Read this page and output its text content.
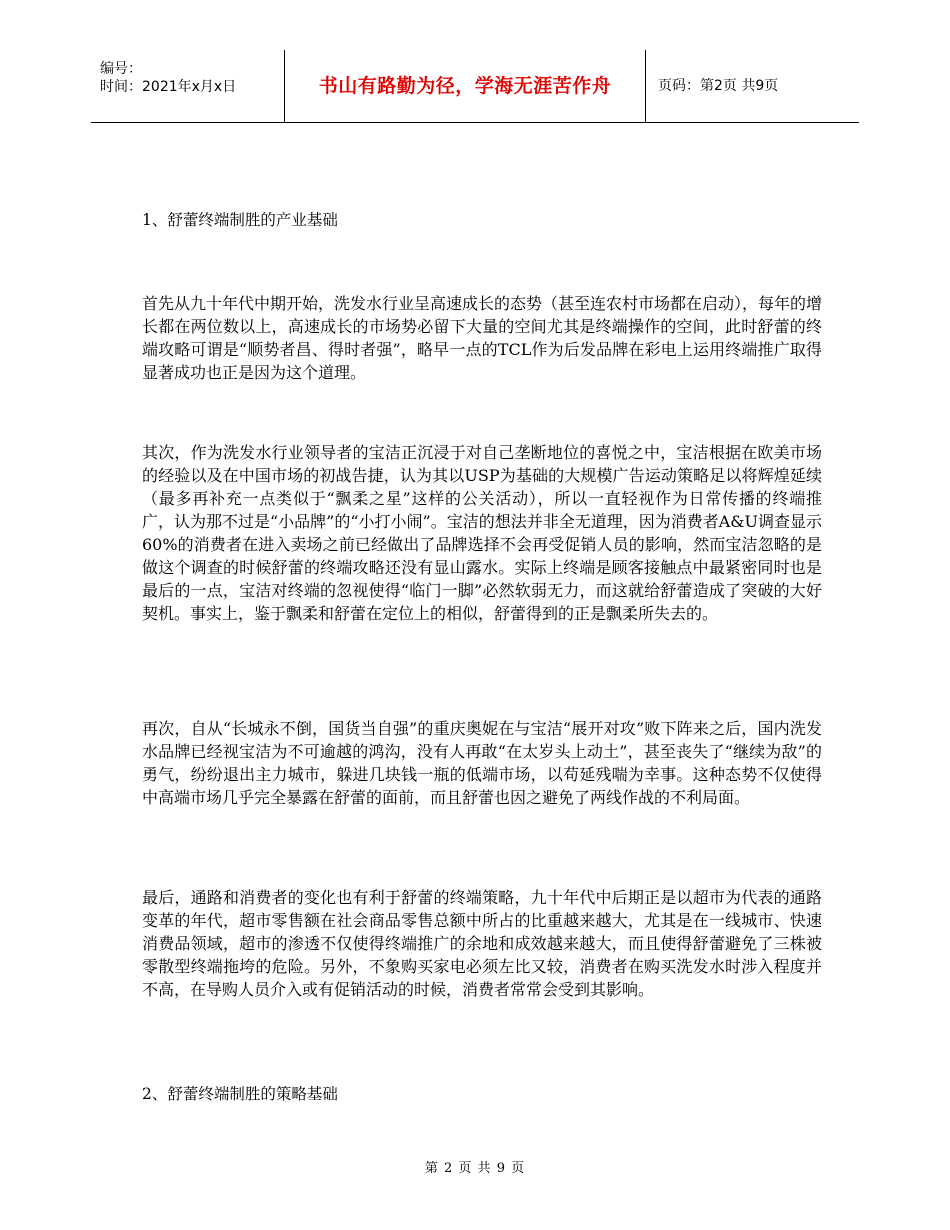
编号：
时间：2021年x月x日	书山有路勤为径，学海无涯苦作舟	页码：第2页 共9页
1、舒蕾终端制胜的产业基础

首先从九十年代中期开始，洗发水行业呈高速成长的态势（甚至连农村市场都在启动），每年的增长都在两位数以上，高速成长的市场势必留下大量的空间尤其是终端操作的空间，此时舒蕾的终端攻略可谓是“顺势者昌、得时者强”，略早一点的TCL作为后发品牌在彩电上运用终端推广取得显著成功也正是因为这个道理。

其次，作为洗发水行业领导者的宝洁正沉浸于对自己垄断地位的喜悦之中，宝洁根据在欧美市场的经验以及在中国市场的初战告捷，认为其以USP为基础的大规模广告运动策略足以将辉煌延续（最多再补充一点类似于“飘柔之星”这样的公关活动），所以一直轻视作为日常传播的终端推广，认为那不过是“小品牌”的“小打小闹”。宝洁的想法并非全无道理，因为消费者A&U调查显示60%的消费者在进入卖场之前已经做出了品牌选择不会再受促销人员的影响，然而宝洁忽略的是做这个调查的时候舒蕾的终端攻略还没有显山露水。实际上终端是顾客接触点中最紧密同时也是最后的一点，宝洁对终端的忽视使得“临门一脚”必然软弱无力，而这就给舒蕾造成了突破的大好契机。事实上，鉴于飘柔和舒蕾在定位上的相似，舒蕾得到的正是飘柔所失去的。

再次，自从“长城永不倒，国货当自强”的重庆奥妮在与宝洁“展开对攻”败下阵来之后，国内洗发水品牌已经视宝洁为不可逾越的鸿沟，没有人再敢“在太岁头上动土”，甚至丧失了“继续为敌”的勇气，纷纷退出主力城市，躲进几块钱一瓶的低端市场，以苟延残喘为幸事。这种态势不仅使得中高端市场几乎完全暴露在舒蕾的面前，而且舒蕾也因之避免了两线作战的不利局面。

最后，通路和消费者的变化也有利于舒蕾的终端策略，九十年代中后期正是以超市为代表的通路变革的年代，超市零售额在社会商品零售总额中所占的比重越来越大，尤其是在一线城市、快速消费品领域，超市的渗透不仅使得终端推广的余地和成效越来越大，而且使得舒蕾避免了三株被零散型终端拖垮的危险。另外，不象购买家电必须左比又较，消费者在购买洗发水时涉入程度并不高，在导购人员介入或有促销活动的时候，消费者常常会受到其影响。

2、舒蕾终端制胜的策略基础
第 2 页 共 9 页
